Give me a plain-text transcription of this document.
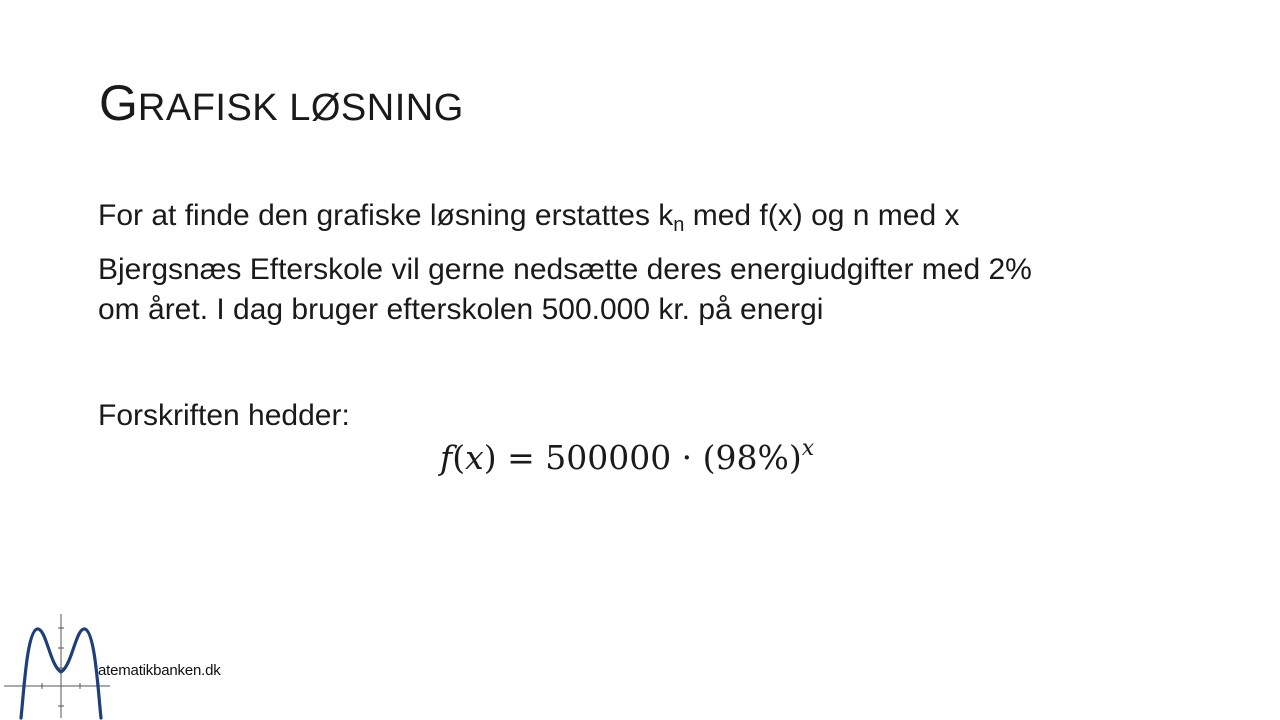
GRAFISK LØSNING

For at finde den grafiske løsning erstattes $k_n$ med f(x) og n med x

Bjergsnæs Efterskole vil gerne nedsætte deres energiudgifter med 2%

om året. I dag bruger efterskolen 500.000 kr. på energi

Forskriften hedder:

$f(x) = 500000 \cdot (98\%)^x$
atematikbanken.dk
